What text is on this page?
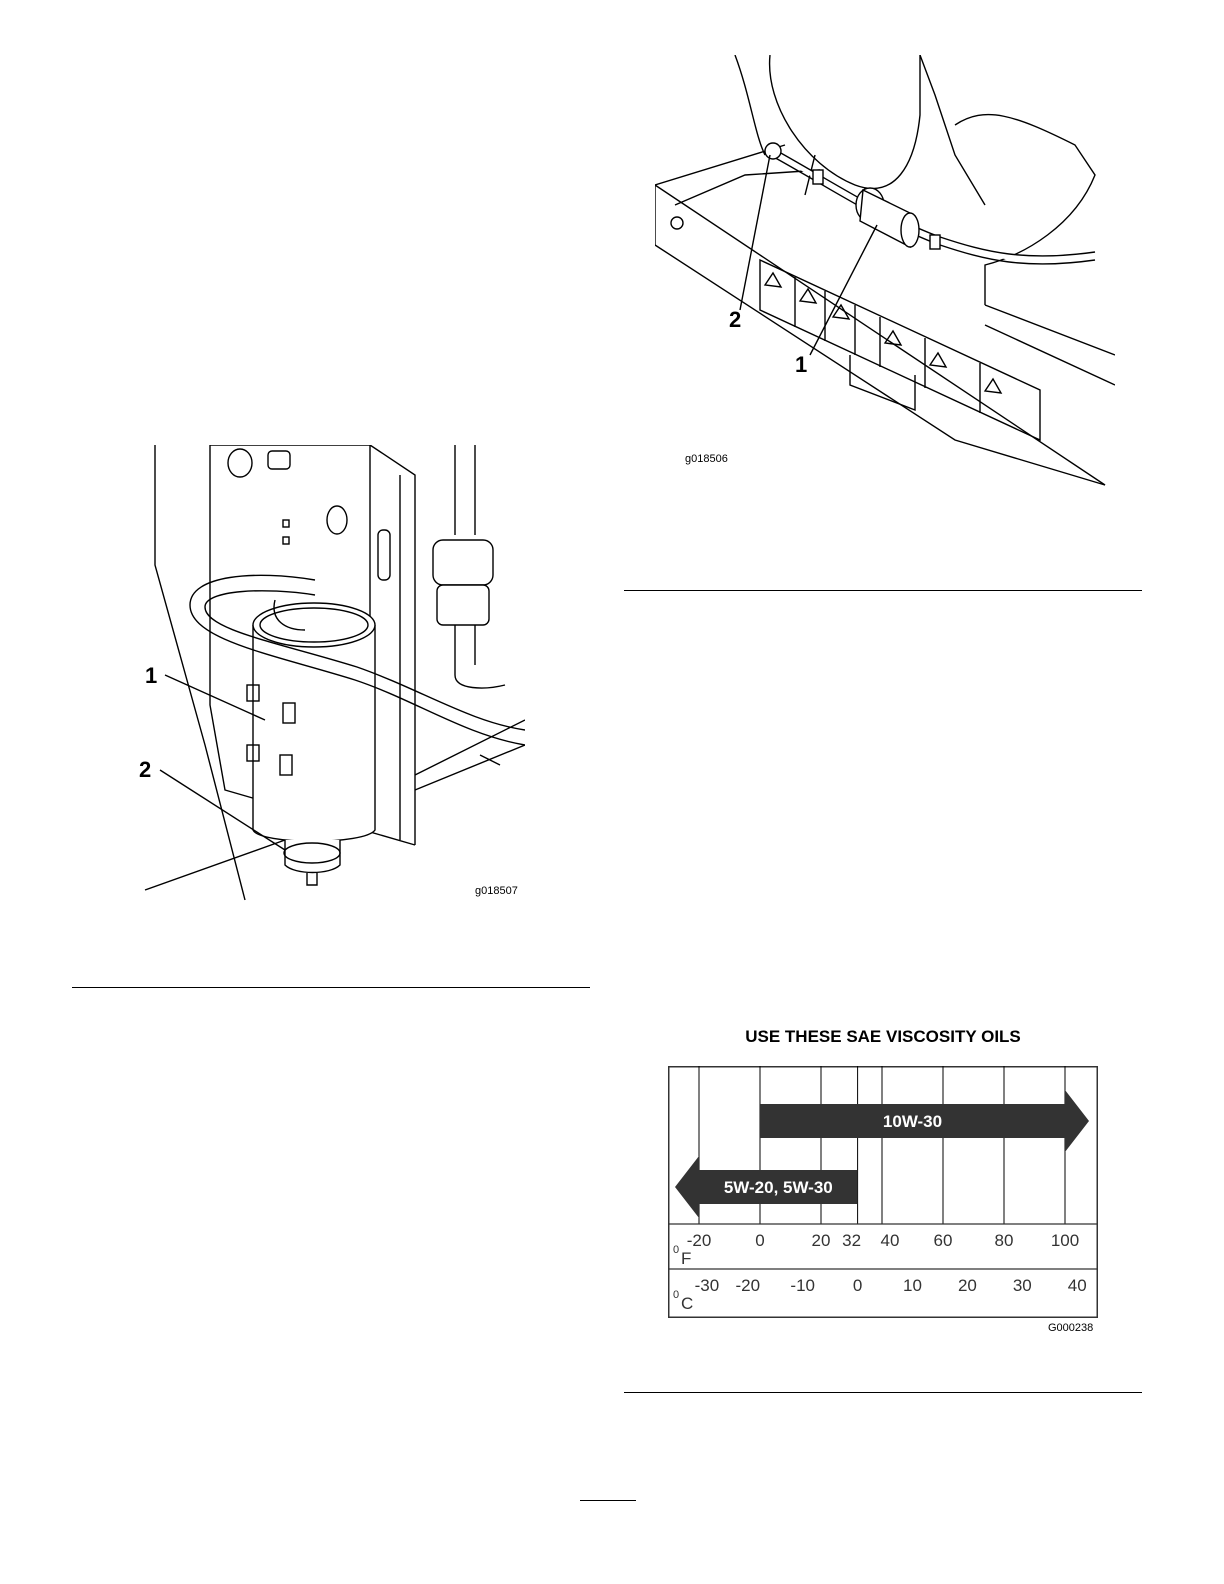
2
1
g018506
1
2
g018507
USE THESE SAE VISCOSITY OILS
10W-30
5W-20, 5W-30
-20	0	20 32 40 60 80 100
-30 -20 -10 0 10 20 30 40
0 F
0 C
G000238
